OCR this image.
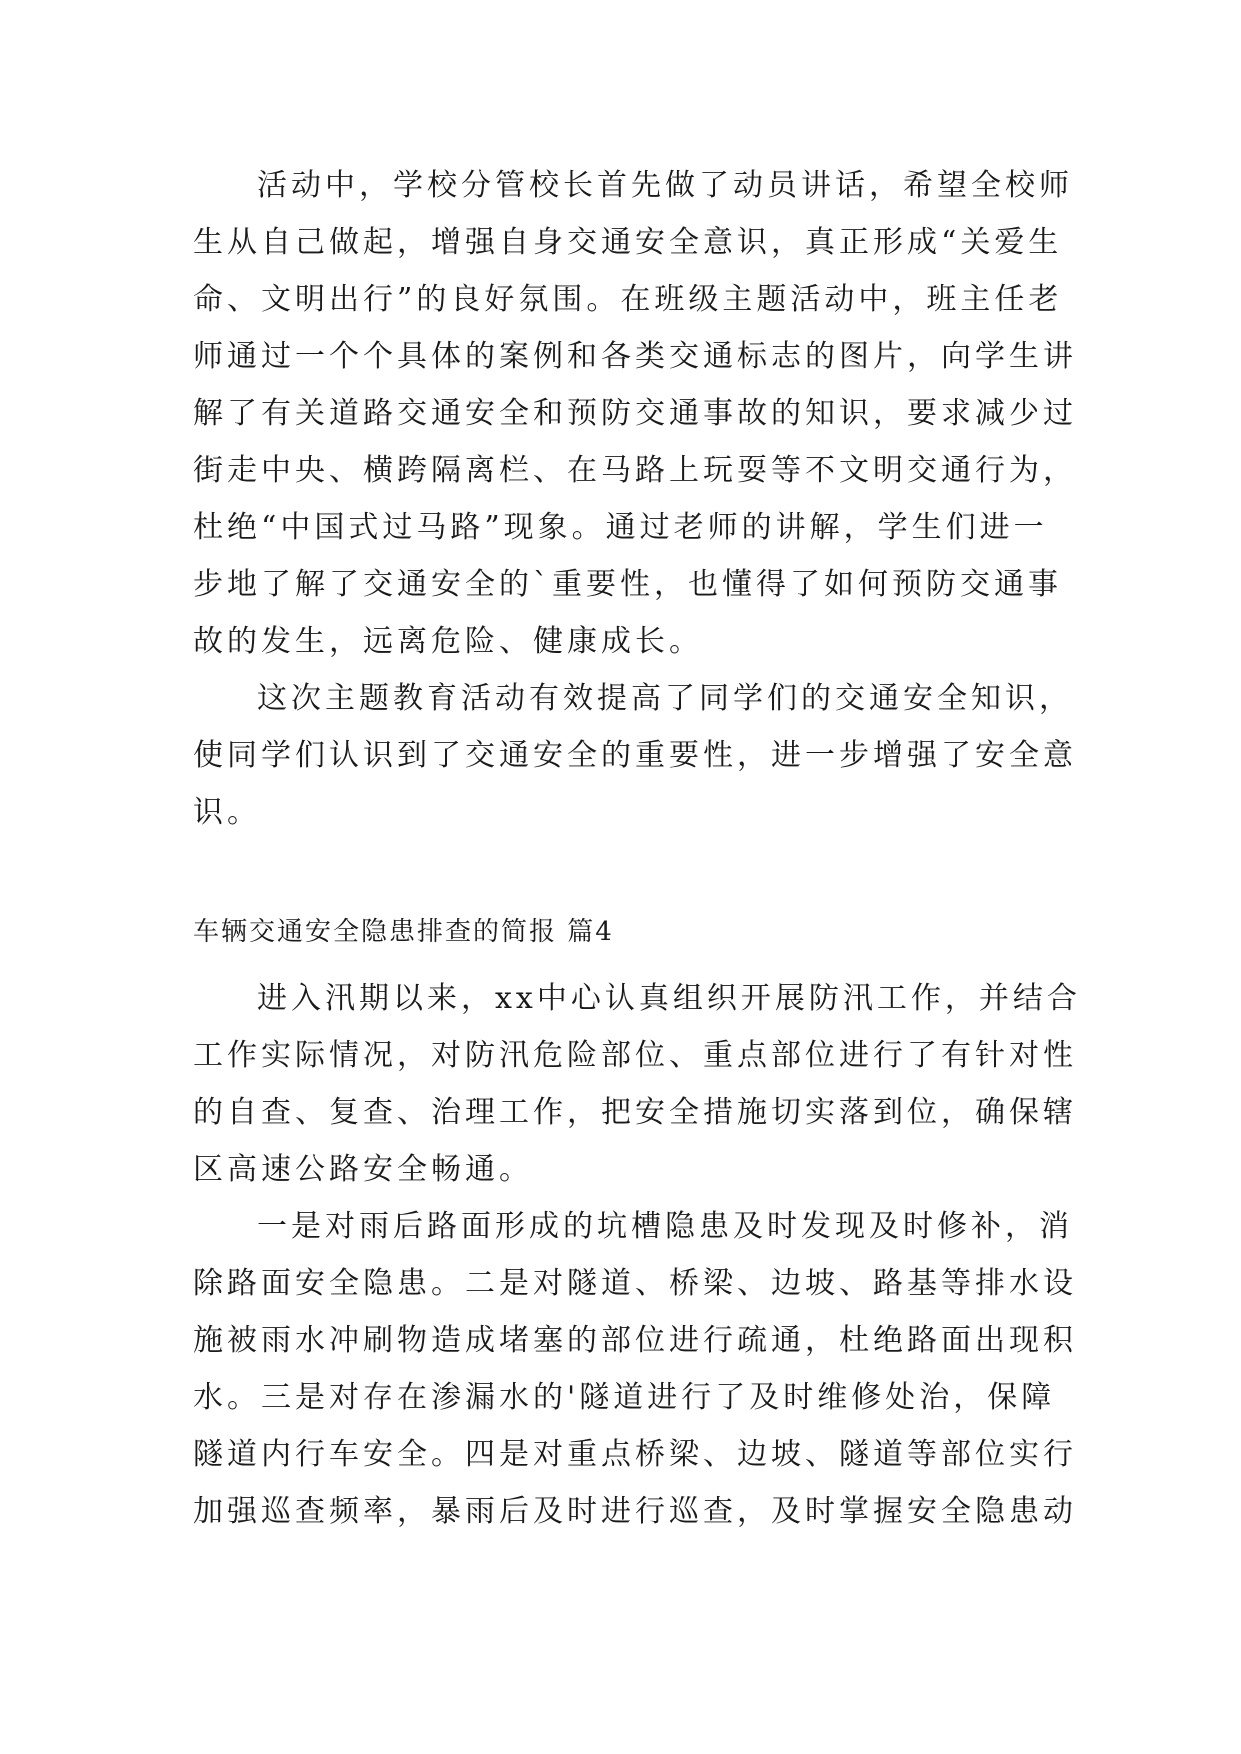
活动中，学校分管校长首先做了动员讲话，希望全校师
生从自己做起，增强自身交通安全意识，真正形成“关爱生
命、文明出行”的良好氛围。在班级主题活动中，班主任老
师通过一个个具体的案例和各类交通标志的图片，向学生讲
解了有关道路交通安全和预防交通事故的知识，要求减少过
街走中央、横跨隔离栏、在马路上玩耍等不文明交通行为，
杜绝“中国式过马路”现象。通过老师的讲解，学生们进一
步地了解了交通安全的`重要性，也懂得了如何预防交通事
故的发生，远离危险、健康成长。
这次主题教育活动有效提高了同学们的交通安全知识，
使同学们认识到了交通安全的重要性，进一步增强了安全意
识。
车辆交通安全隐患排查的简报 篇4
进入汛期以来，xx中心认真组织开展防汛工作，并结合
工作实际情况，对防汛危险部位、重点部位进行了有针对性
的自查、复查、治理工作，把安全措施切实落到位，确保辖
区高速公路安全畅通。
一是对雨后路面形成的坑槽隐患及时发现及时修补，消
除路面安全隐患。二是对隧道、桥梁、边坡、路基等排水设
施被雨水冲刷物造成堵塞的部位进行疏通，杜绝路面出现积
水。三是对存在渗漏水的'隧道进行了及时维修处治，保障
隧道内行车安全。四是对重点桥梁、边坡、隧道等部位实行
加强巡查频率，暴雨后及时进行巡查，及时掌握安全隐患动
